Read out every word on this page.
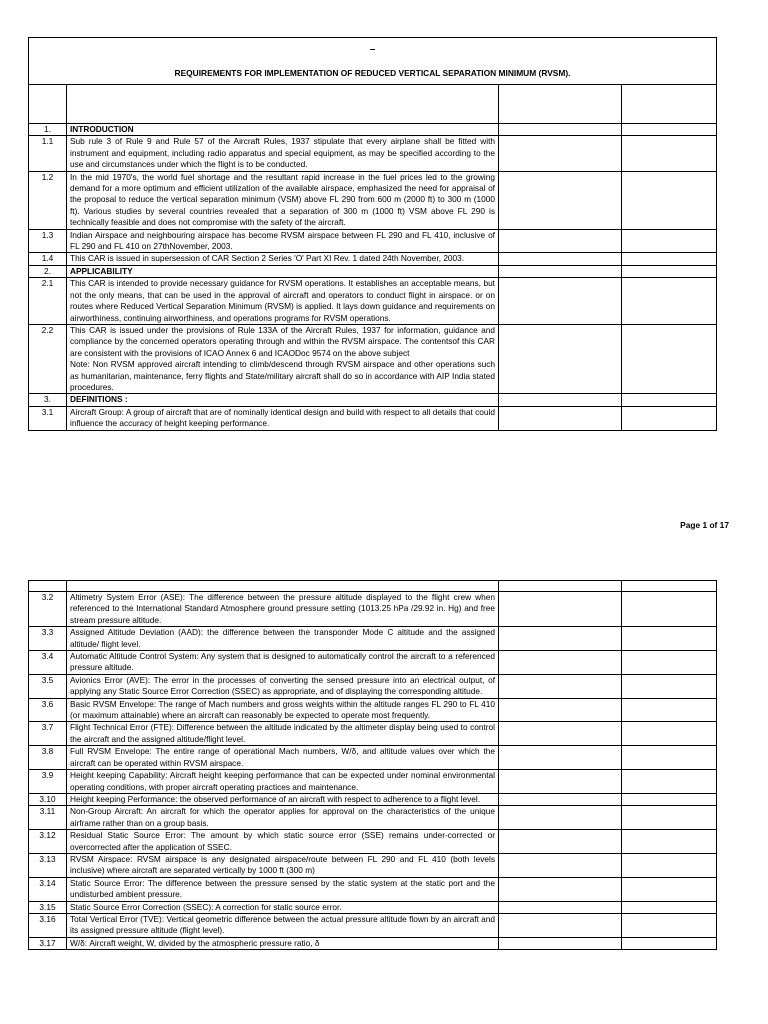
–
REQUIREMENTS FOR IMPLEMENTATION OF REDUCED VERTICAL SEPARATION MINIMUM (RVSM).			

1.	INTRODUCTION		

1.1	Sub rule 3 of Rule 9 and Rule 57 of the Aircraft Rules, 1937 stipulate that every airplane shall be fitted with instrument and equipment, including radio apparatus and special equipment, as may be specified according to the use and circumstances under which the flight is to be conducted.		

1.2	In the mid 1970's, the world fuel shortage and the resultant rapid increase in the fuel prices led to the growing demand for a more optimum and efficient utilization of the available airspace, emphasized the need for appraisal of the proposal to reduce the vertical separation minimum (VSM) above FL 290 from 600 m (2000 ft) to 300 m (1000 ft). Various studies by several countries revealed that a separation of 300 m (1000 ft) VSM above FL 290 is technically feasible and does not compromise with the safety of the aircraft.		

1.3	Indian Airspace and neighbouring airspace has become RVSM airspace between FL 290 and FL 410, inclusive of FL 290 and FL 410 on 27thNovember, 2003.		

1.4	This CAR is issued in supersession of CAR Section 2 Series 'O' Part XI Rev. 1 dated 24th November, 2003.		

2.	APPLICABILITY		

2.1	This CAR is intended to provide necessary guidance for RVSM operations. It establishes an acceptable means, but not the only means, that can be used in the approval of aircraft and operators to conduct flight in airspace. or on routes where Reduced Vertical Separation Minimum (RVSM) is applied. It lays down guidance and requirements on airworthiness, continuing airworthiness, and operations programs for RVSM operations.		

2.2	This CAR is issued under the provisions of Rule 133A of the Aircraft Rules, 1937 for information, guidance and compliance by the concerned operators operating through and within the RVSM airspace. The contentsof this CAR are consistent with the provisions of ICAO Annex 6 and ICAODoc 9574 on the above subject
Note: Non RVSM approved aircraft intending to climb/descend through RVSM airspace and other operations such as humanitarian, maintenance, ferry flights and State/military aircraft shall do so in accordance with AIP India stated procedures.		

3.	DEFINITIONS :		

3.1	Aircraft Group: A group of aircraft that are of nominally identical design and build with respect to all details that could influence the accuracy of height keeping performance.		

Page 1 of 17

3.2	Altimetry System Error (ASE): The difference between the pressure altitude displayed to the flight crew when referenced to the International Standard Atmosphere ground pressure setting (1013.25 hPa /29.92 in. Hg) and free stream pressure altitude.		

3.3	Assigned Altitude Deviation (AAD): the difference between the transponder Mode C altitude and the assigned altitude/ flight level.		

3.4	Automatic Altitude Control System: Any system that is designed to automatically control the aircraft to a referenced pressure altitude.		

3.5	Avionics Error (AVE): The error in the processes of converting the sensed pressure into an electrical output, of applying any Static Source Error Correction (SSEC) as appropriate, and of displaying the corresponding altitude.		

3.6	Basic RVSM Envelope: The range of Mach numbers and gross weights within the altitude ranges FL 290 to FL 410 (or maximum attainable) where an aircraft can reasonably be expected to operate most frequently.		

3.7	Flight Technical Error (FTE): Difference between the altitude indicated by the altimeter display being used to control the aircraft and the assigned altitude/flight level.		

3.8	Full RVSM Envelope: The entire range of operational Mach numbers, W/δ, and altitude values over which the aircraft can be operated within RVSM airspace.		

3.9	Height keeping Capability: Aircraft height keeping performance that can be expected under nominal environmental operating conditions, with proper aircraft operating practices and maintenance.		

3.10	Height keeping Performance: the observed performance of an aircraft with respect to adherence to a flight level.		

3.11	Non-Group Aircraft: An aircraft for which the operator applies for approval on the characteristics of the unique airframe rather than on a group basis.		

3.12	Residual Static Source Error: The amount by which static source error (SSE) remains under-corrected or overcorrected after the application of SSEC.		

3.13	RVSM Airspace: RVSM airspace is any designated airspace/route between FL 290 and FL 410 (both levels inclusive) where aircraft are separated vertically by 1000 ft (300 m)		

3.14	Static Source Error: The difference between the pressure sensed by the static system at the static port and the undisturbed ambient pressure.		

3.15	Static Source Error Correction (SSEC): A correction for static source error.		

3.16	Total Vertical Error (TVE): Vertical geometric difference between the actual pressure altitude flown by an aircraft and its assigned pressure altitude (flight level).		

3.17	W/δ: Aircraft weight, W, divided by the atmospheric pressure ratio, δ		
